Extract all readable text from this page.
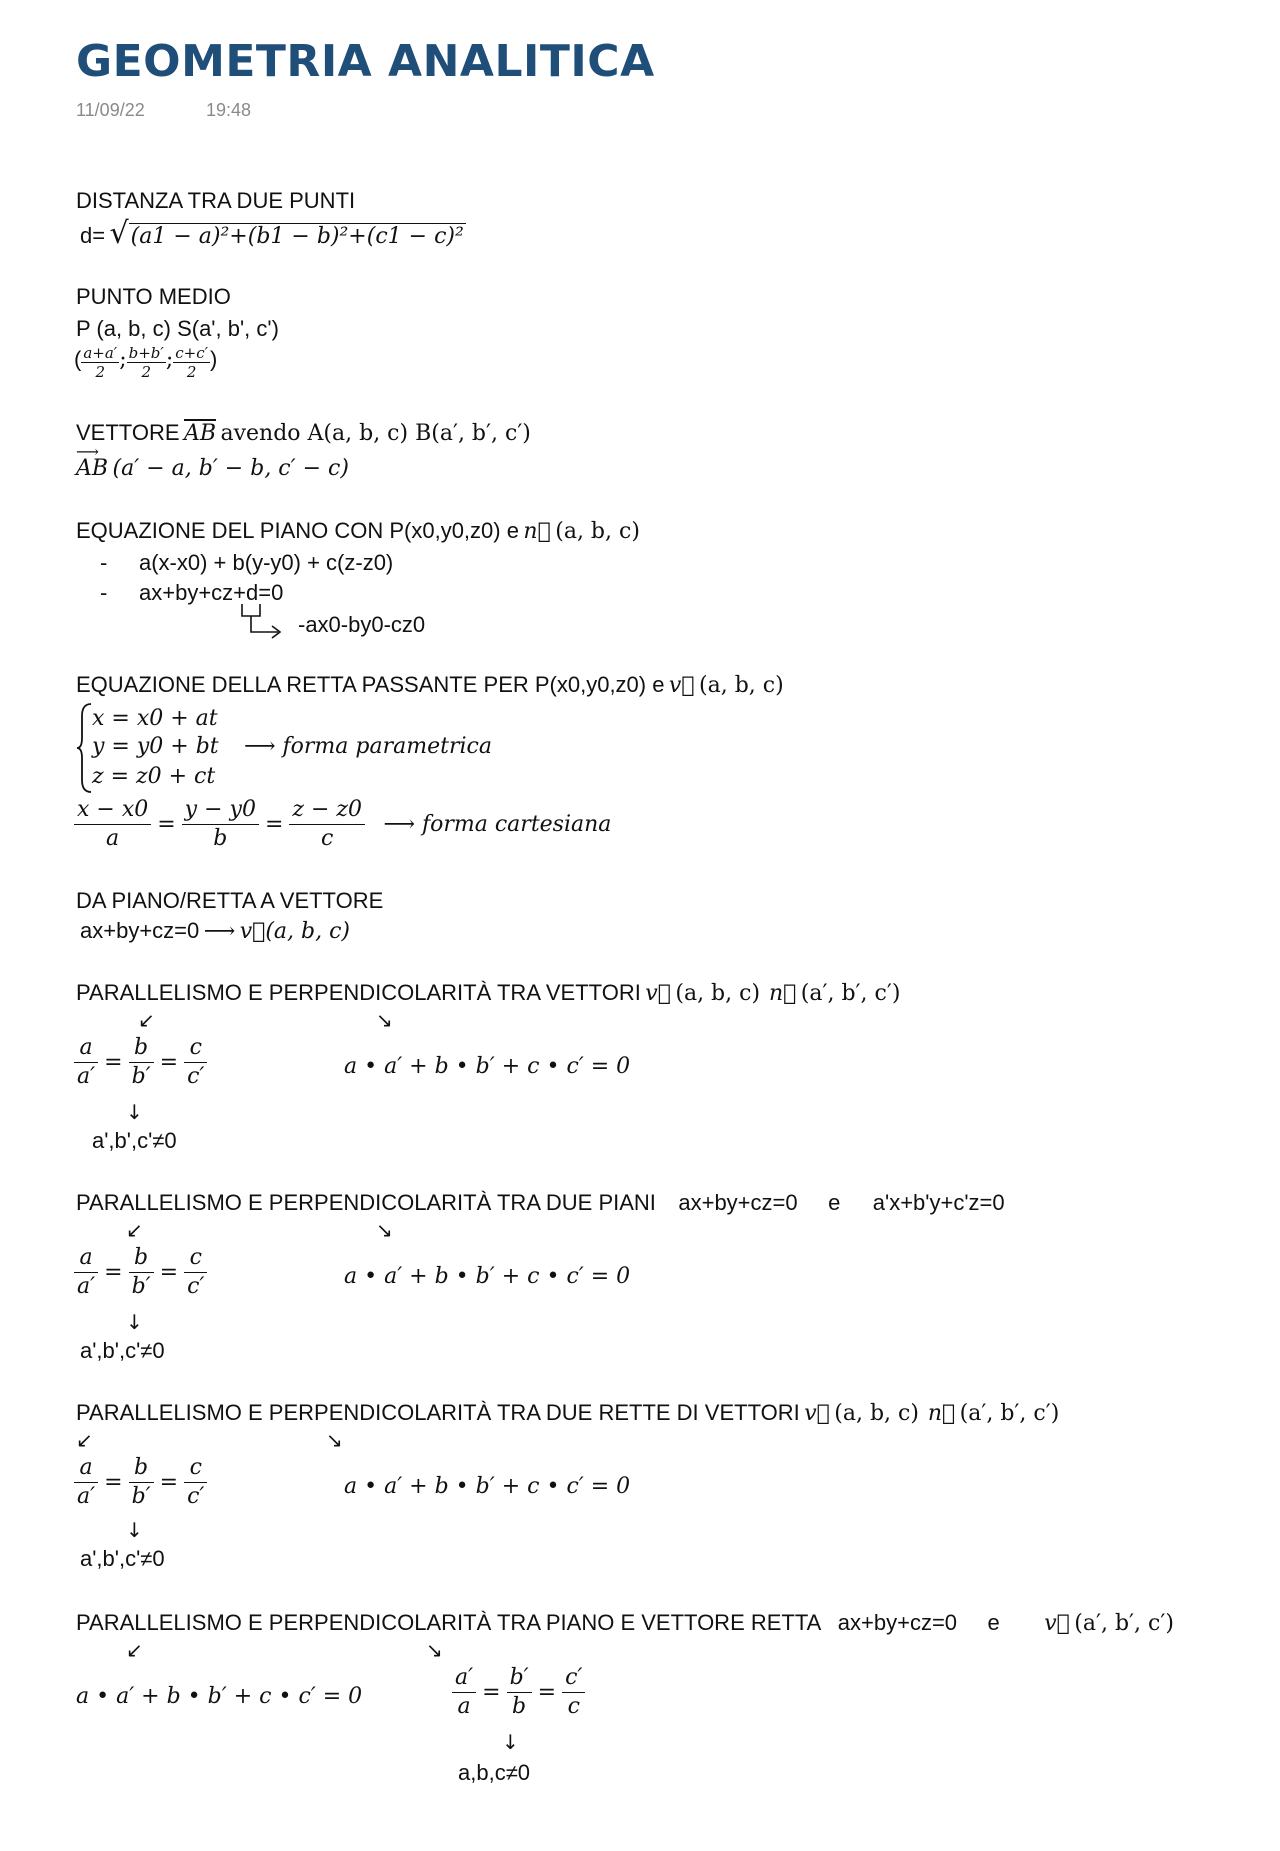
GEOMETRIA ANALITICA
11/09/22	19:48
DISTANZA TRA DUE PUNTI
d= √(a1 − a)²+(b1 − b)²+(c1 − c)²
PUNTO MEDIO
P (a, b, c) S(a', b', c')
( $\frac{a+a'}{2}$ ; $\frac{b+b'}{2}$ ; $\frac{c+c'}{2}$ )
VETTORE $\overline{AB}$ avendo A(a, b, c) B(a′, b′, c′)
AB
⟶
(a′ − a, b′ − b, c′ − c)
EQUAZIONE DEL PIANO CON P(x0,y0,z0) e n⃗ (a, b, c)
- a(x-x0) + b(y-y0) + c(z-z0)
- ax+by+cz+d=0
-ax0-by0-cz0
EQUAZIONE DELLA RETTA PASSANTE PER P(x0,y0,z0) e v⃗ (a, b, c)
x = x0 + at
y = y0 + bt
z = z0 + ct
⟶ forma parametrica
$\frac{x - x0}{a} = \frac{y - y0}{b} = \frac{z - z0}{c}$ ⟶ forma cartesiana
DA PIANO/RETTA A VETTORE
ax+by+cz=0 ⟶ v⃗(a, b, c)
PARALLELISMO E PERPENDICOLARITÀ TRA VETTORI v⃗ (a, b, c) n⃗ (a′, b′, c′)
↙	↘
$\frac{a}{a'} = \frac{b}{b'} = \frac{c}{c'}$	a • a′ + b • b′ + c • c′ = 0
↓
a',b',c'≠0
PARALLELISMO E PERPENDICOLARITÀ TRA DUE PIANI ax+by+cz=0 e a'x+b'y+c'z=0
↙	↘
$\frac{a}{a'} = \frac{b}{b'} = \frac{c}{c'}$	a • a′ + b • b′ + c • c′ = 0
↓
a',b',c'≠0
PARALLELISMO E PERPENDICOLARITÀ TRA DUE RETTE DI VETTORI v⃗ (a, b, c) n⃗ (a′, b′, c′)
↙	↘
$\frac{a}{a'} = \frac{b}{b'} = \frac{c}{c'}$	a • a′ + b • b′ + c • c′ = 0
↓
a',b',c'≠0
PARALLELISMO E PERPENDICOLARITÀ TRA PIANO E VETTORE RETTA ax+by+cz=0 e v⃗ (a′, b′, c′)
↙	↘
a • a′ + b • b′ + c • c′ = 0	$\frac{a'}{a} = \frac{b'}{b} = \frac{c'}{c}$
↓
a,b,c≠0
